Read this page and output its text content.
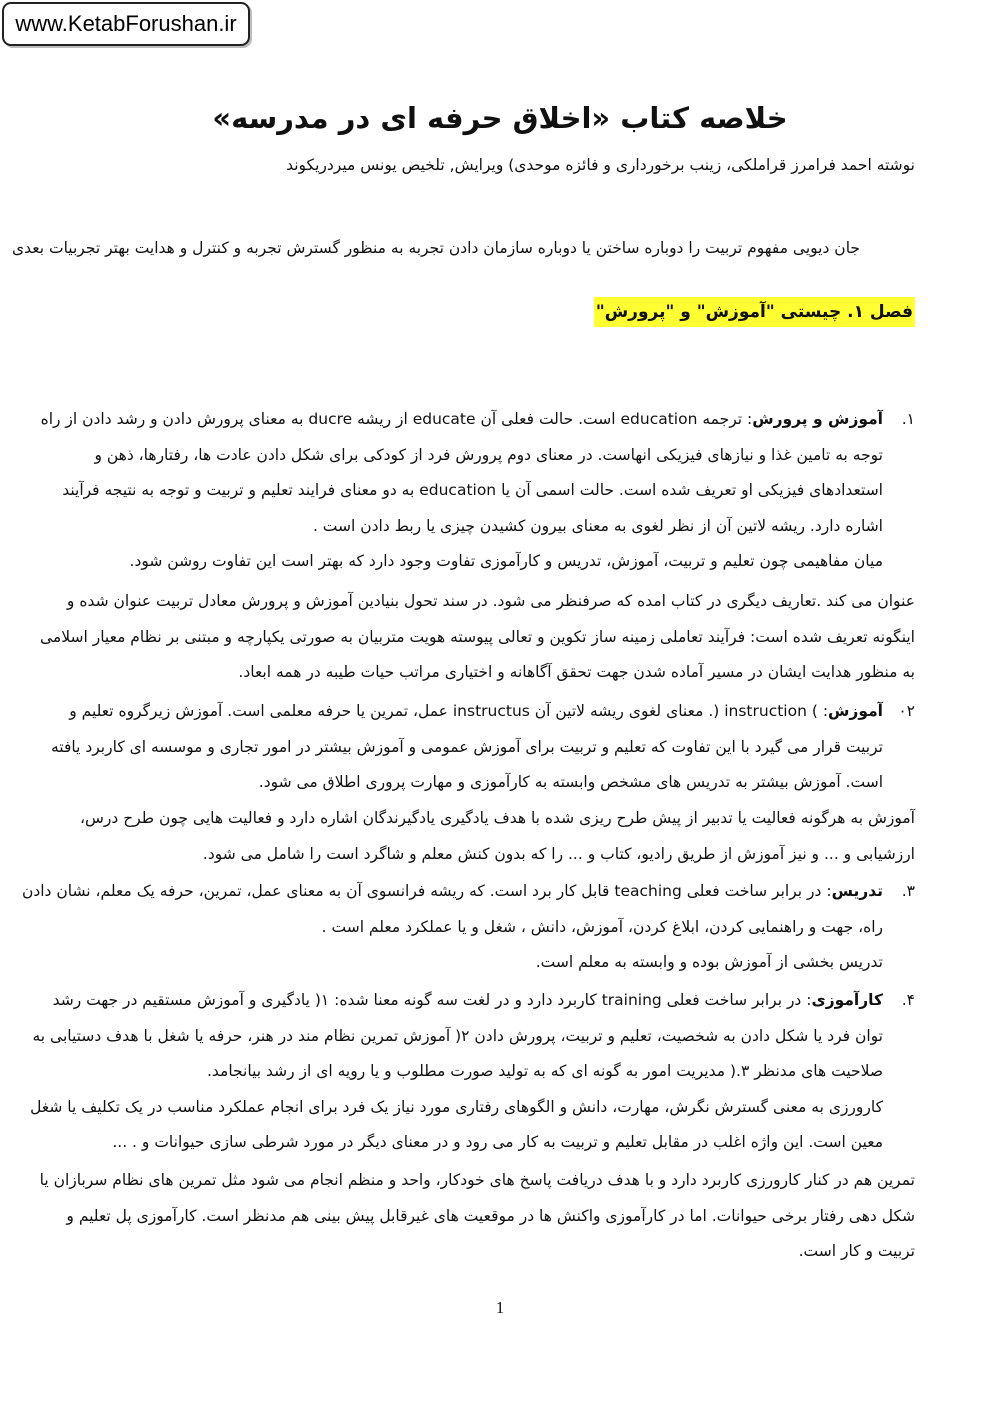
www.KetabForushan.ir
خلاصه کتاب «اخلاق حرفه ای در مدرسه»

نوشته احمد فرامرز قراملکی، زینب برخورداری و فائزه موحدی) ویرایش, تلخیص یونس میردریکوند

جان دیویی مفهوم تربیت را دوباره ساختن یا دوباره سازمان دادن تجربه به منظور گسترش تجربه و کنترل و هدایت بهتر تجربیات بعدی

فصل ۱. چیستی "آموزش" و "پرورش"
۱.آموزش و پرورش: ترجمه education است. حالت فعلی آن educate از ریشه ducre به معنای پرورش دادن و رشد دادن از راه
توجه به تامین غذا و نیازهای فیزیکی انهاست. در معنای دوم پرورش فرد از کودکی برای شکل دادن عادت ها، رفتارها، ذهن و
استعدادهای فیزیکی او تعریف شده است. حالت اسمی آن یا education به دو معنای فرایند تعلیم و تربیت و توجه به نتیجه فرآیند
اشاره دارد. ریشه لاتین آن از نظر لغوی به معنای بیرون کشیدن چیزی یا ربط دادن است .
میان مفاهیمی چون تعلیم و تربیت، آموزش، تدریس و کارآموزی تفاوت وجود دارد که بهتر است این تفاوت روشن شود.
عنوان می کند .تعاریف دیگری در کتاب امده که صرفنظر می شود. در سند تحول بنیادین آموزش و پرورش معادل تربیت عنوان شده و
اینگونه تعریف شده است: فرآیند تعاملی زمینه ساز تکوین و تعالی پیوسته هویت متربیان به صورتی یکپارچه و مبتنی بر نظام معیار اسلامی
به منظور هدایت ایشان در مسیر آماده شدن جهت تحقق آگاهانه و اختیاری مراتب حیات طیبه در همه ابعاد.
۰۲آموزش: ) instruction (. معنای لغوی ریشه لاتین آن instructus عمل، تمرین یا حرفه معلمی است. آموزش زیرگروه تعلیم و
تربیت قرار می گیرد با این تفاوت که تعلیم و تربیت برای آموزش عمومی و آموزش بیشتر در امور تجاری و موسسه ای کاربرد یافته
است. آموزش بیشتر به تدریس های مشخص وابسته به کارآموزی و مهارت پروری اطلاق می شود.
آموزش به هرگونه فعالیت یا تدبیر از پیش طرح ریزی شده با هدف یادگیری یادگیرندگان اشاره دارد و فعالیت هایی چون طرح درس،
ارزشیابی و ... و نیز آموزش از طریق رادیو، کتاب و ... را که بدون کنش معلم و شاگرد است را شامل می شود.
۳.تدریس: در برابر ساخت فعلی teaching قابل کار برد است. که ریشه فرانسوی آن به معنای عمل، تمرین، حرفه یک معلم، نشان دادن
راه، جهت و راهنمایی کردن، ابلاغ کردن، آموزش، دانش ، شغل و یا عملکرد معلم است .
تدریس بخشی از آموزش بوده و وابسته به معلم است.
۴.کارآموزی: در برابر ساخت فعلی training کاربرد دارد و در لغت سه گونه معنا شده: ۱( یادگیری و آموزش مستقیم در جهت رشد
توان فرد یا شکل دادن به شخصیت، تعلیم و تربیت، پرورش دادن ۲( آموزش تمرین نظام مند در هنر، حرفه یا شغل با هدف دستیابی به
صلاحیت های مدنظر ۳.( مدیریت امور به گونه ای که به تولید صورت مطلوب و یا رویه ای از رشد بیانجامد.
کارورزی به معنی گسترش نگرش، مهارت، دانش و الگوهای رفتاری مورد نیاز یک فرد برای انجام عملکرد مناسب در یک تکلیف یا شغل
معین است. این واژه اغلب در مقابل تعلیم و تربیت به کار می رود و در معنای دیگر در مورد شرطی سازی حیوانات و . ...
تمرین هم در کنار کارورزی کاربرد دارد و با هدف دریافت پاسخ های خودکار، واحد و منظم انجام می شود مثل تمرین های نظام سربازان یا
شکل دهی رفتار برخی حیوانات. اما در کارآموزی واکنش ها در موقعیت های غیرقابل پیش بینی هم مدنظر است. کارآموزی پل تعلیم و
تربیت و کار است.
1
